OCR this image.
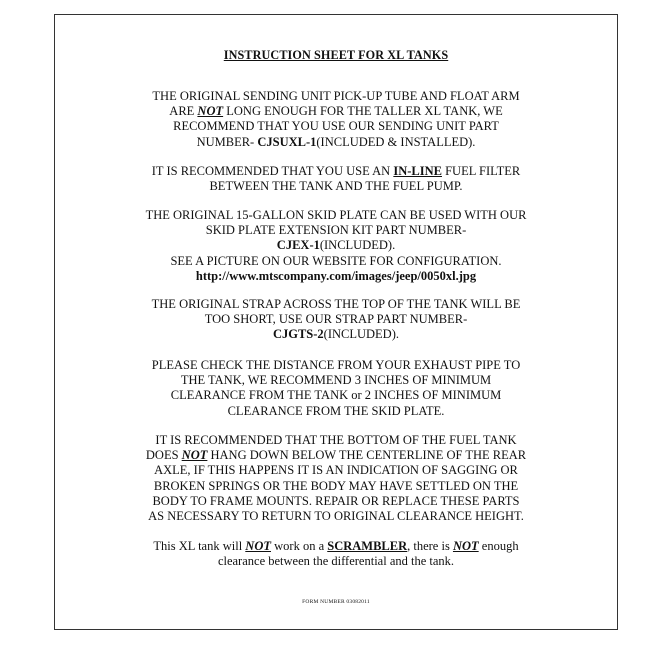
INSTRUCTION SHEET FOR XL TANKS
THE ORIGINAL SENDING UNIT PICK-UP TUBE AND FLOAT ARM
ARE NOT LONG ENOUGH FOR THE TALLER XL TANK, WE
RECOMMEND THAT YOU USE OUR SENDING UNIT PART
NUMBER- CJSUXL-1(INCLUDED & INSTALLED).
IT IS RECOMMENDED THAT YOU USE AN IN-LINE FUEL FILTER
BETWEEN THE TANK AND THE FUEL PUMP.
THE ORIGINAL 15-GALLON SKID PLATE CAN BE USED WITH OUR
SKID PLATE EXTENSION KIT PART NUMBER-
CJEX-1(INCLUDED).
SEE A PICTURE ON OUR WEBSITE FOR CONFIGURATION.
http://www.mtscompany.com/images/jeep/0050xl.jpg
THE ORIGINAL STRAP ACROSS THE TOP OF THE TANK WILL BE
TOO SHORT, USE OUR STRAP PART NUMBER-
CJGTS-2(INCLUDED).
PLEASE CHECK THE DISTANCE FROM YOUR EXHAUST PIPE TO
THE TANK, WE RECOMMEND 3 INCHES OF MINIMUM
CLEARANCE FROM THE TANK or 2 INCHES OF MINIMUM
CLEARANCE FROM THE SKID PLATE.
IT IS RECOMMENDED THAT THE BOTTOM OF THE FUEL TANK
DOES NOT HANG DOWN BELOW THE CENTERLINE OF THE REAR
AXLE, IF THIS HAPPENS IT IS AN INDICATION OF SAGGING OR
BROKEN SPRINGS OR THE BODY MAY HAVE SETTLED ON THE
BODY TO FRAME MOUNTS. REPAIR OR REPLACE THESE PARTS
AS NECESSARY TO RETURN TO ORIGINAL CLEARANCE HEIGHT.
This XL tank will NOT work on a SCRAMBLER, there is NOT enough
clearance between the differential and the tank.
FORM NUMBER 03082011
